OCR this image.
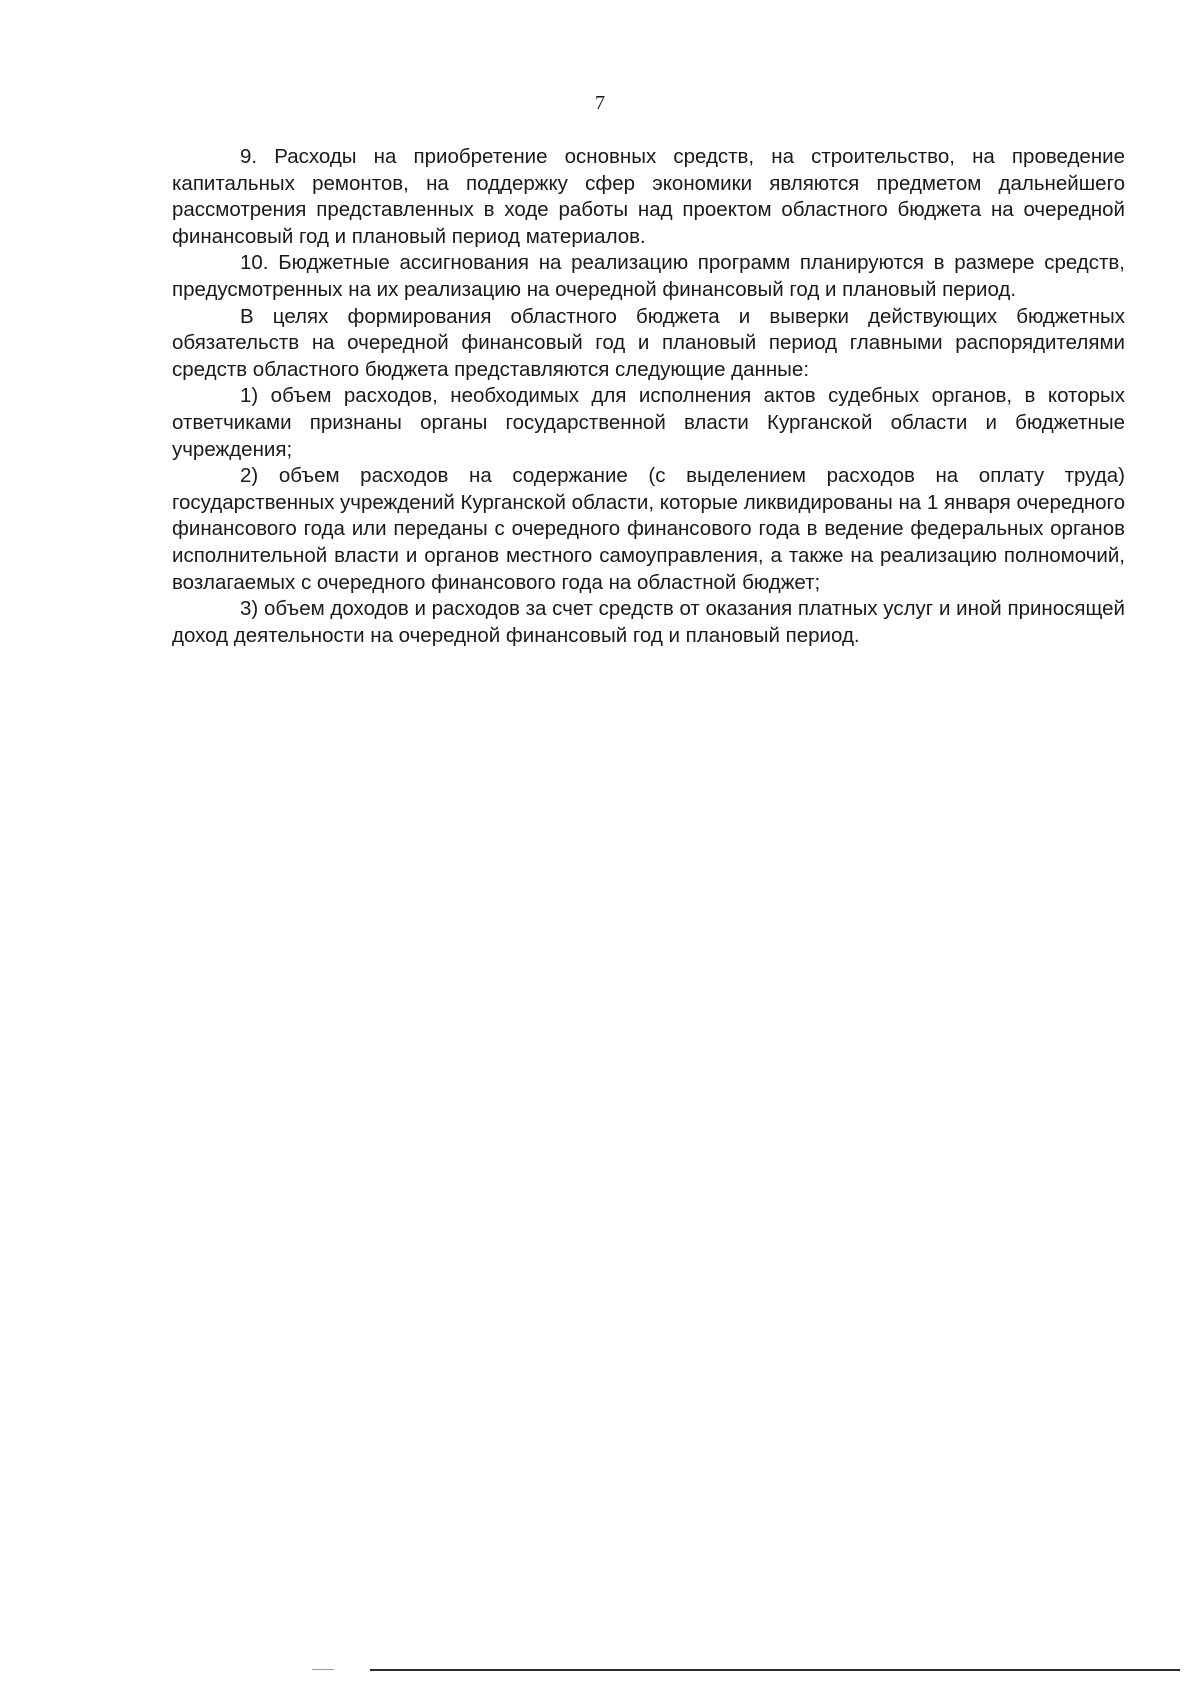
7

9. Расходы на приобретение основных средств, на строительство, на проведение капитальных ремонтов, на поддержку сфер экономики являются предметом дальнейшего рассмотрения представленных в ходе работы над проектом областного бюджета на очередной финансовый год и плановый период материалов.

10. Бюджетные ассигнования на реализацию программ планируются в размере средств, предусмотренных на их реализацию на очередной финансовый год и плановый период.

В целях формирования областного бюджета и выверки действующих бюджетных обязательств на очередной финансовый год и плановый период главными распорядителями средств областного бюджета представляются следующие данные:

1) объем расходов, необходимых для исполнения актов судебных органов, в которых ответчиками признаны органы государственной власти Курганской области и бюджетные учреждения;

2) объем расходов на содержание (с выделением расходов на оплату труда) государственных учреждений Курганской области, которые ликвидированы на 1 января очередного финансового года или переданы с очередного финансового года в ведение федеральных органов исполнительной власти и органов местного самоуправления, а также на реализацию полномочий, возлагаемых с очередного финансового года на областной бюджет;

3) объем доходов и расходов за счет средств от оказания платных услуг и иной приносящей доход деятельности на очередной финансовый год и плановый период.
